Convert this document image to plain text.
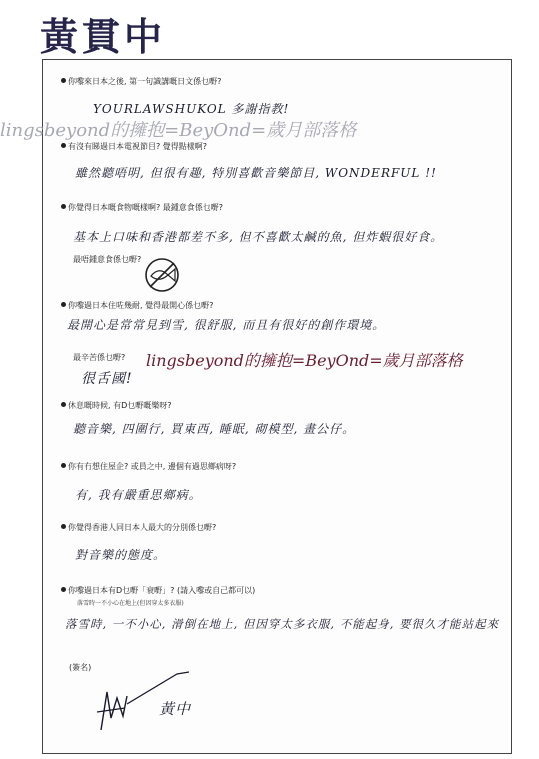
黃貫中
你嚟來日本之後, 第一句識講嘅日文係乜嘢?
YOURLAWSHUKOL 多謝指教!
有沒有睇過日本電視節目? 覺得點樣啊?
雖然聽唔明, 但很有趣, 特別喜歡音樂節目, WONDERFUL !!
你覺得日本嘅食物嘅樣啊? 最鍾意食係乜嘢?
基本上口味和香港都差不多, 但不喜歡太鹹的魚, 但炸蝦很好食。
最唔鍾意食係乜嘢?
你嚟過日本住咗幾耐, 覺得最開心係乜嘢?
最開心是常常見到雪, 很舒服, 而且有很好的創作環境。
最辛苦係乜嘢?
很舌國!
休息嘅時候, 有D乜嘢嘅樂呀?
聽音樂, 四圍行, 買東西, 睡眠, 砌模型, 畫公仔。
你有冇想住屋企? 或員之中, 邊個有過思鄉病呀?
有, 我有嚴重思鄉病。
你覺得香港人同日本人最大的分別係乜嘢?
對音樂的態度。
你嚟過日本有D乜嘢「衰嘢」? (請入嚟或自己都可以)
落雪時一不小心在地上(但因穿太多衣服)
落雪時, 一不小心, 滑倒在地上, 但因穿太多衣服, 不能起身, 要很久才能站起來
(簽名)
黃中
lingsbeyond的擁抱=BeyOnd=歲月部落格
lingsbeyond的擁抱=BeyOnd=歲月部落格
